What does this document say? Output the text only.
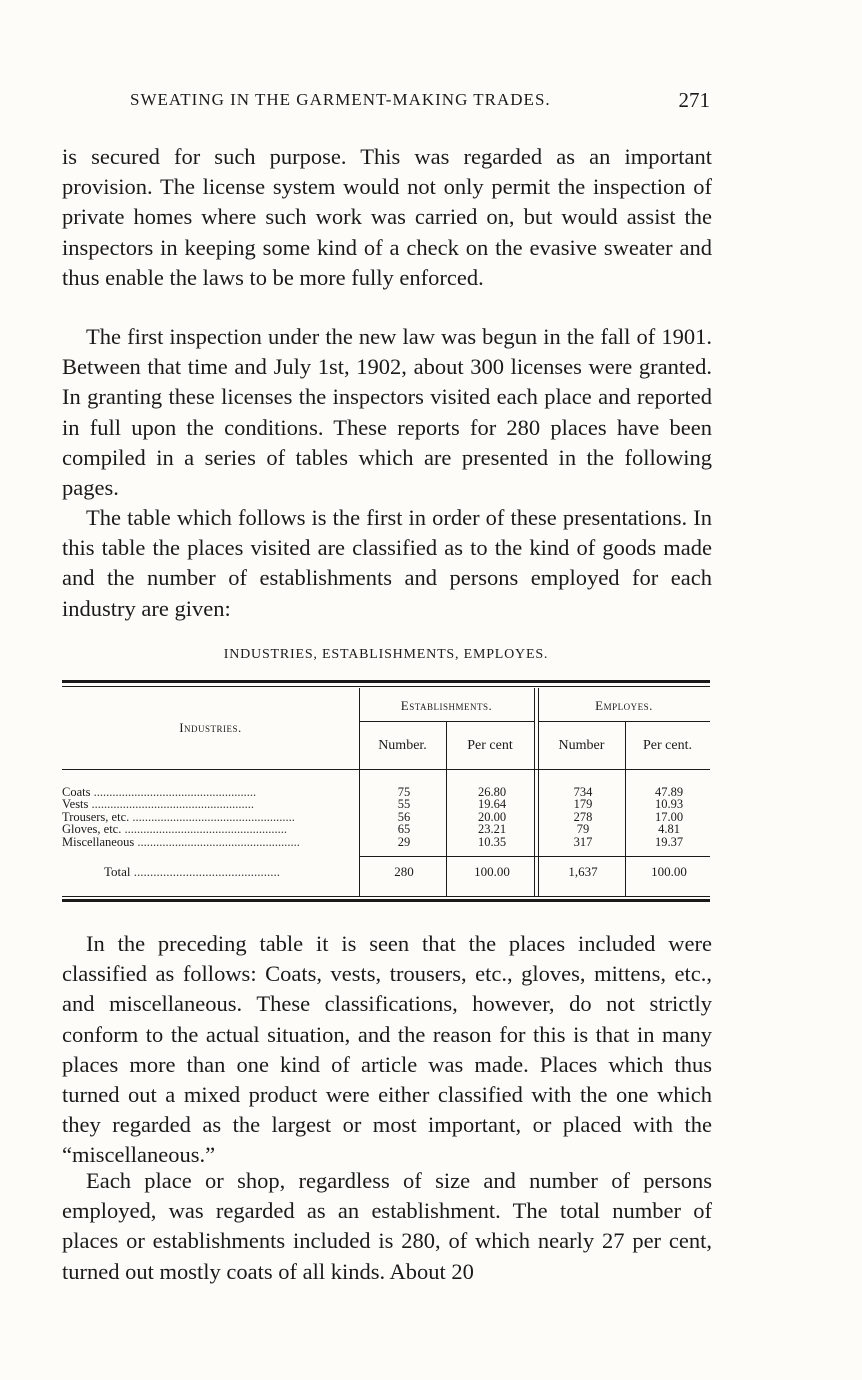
SWEATING IN THE GARMENT-MAKING TRADES.	271

is secured for such purpose. This was regarded as an important provision. The license system would not only permit the inspection of private homes where such work was carried on, but would assist the inspectors in keeping some kind of a check on the evasive sweater and thus enable the laws to be more fully enforced.

The first inspection under the new law was begun in the fall of 1901. Between that time and July 1st, 1902, about 300 licenses were granted. In granting these licenses the inspectors visited each place and reported in full upon the conditions. These reports for 280 places have been compiled in a series of tables which are presented in the following pages.

The table which follows is the first in order of these presentations. In this table the places visited are classified as to the kind of goods made and the number of establishments and persons employed for each industry are given:

INDUSTRIES, ESTABLISHMENTS, EMPLOYES.
Industries.
Establishments.	Employes.
Number.	Per cent	Number	Per cent.
Coats ....................................................	75	26.80	734	47.89
Vests ....................................................	55	19.64	179	10.93
Trousers, etc. ....................................................	56	20.00	278	17.00
Gloves, etc. ....................................................	65	23.21	79	4.81
Miscellaneous ....................................................	29	10.35	317	19.37
Total .............................................	280	100.00	1,637	100.00

In the preceding table it is seen that the places included were classified as follows: Coats, vests, trousers, etc., gloves, mittens, etc., and miscellaneous. These classifications, however, do not strictly conform to the actual situation, and the reason for this is that in many places more than one kind of article was made. Places which thus turned out a mixed product were either classified with the one which they regarded as the largest or most important, or placed with the “miscellaneous.”

Each place or shop, regardless of size and number of persons employed, was regarded as an establishment. The total number of places or establishments included is 280, of which nearly 27 per cent, turned out mostly coats of all kinds. About 20
